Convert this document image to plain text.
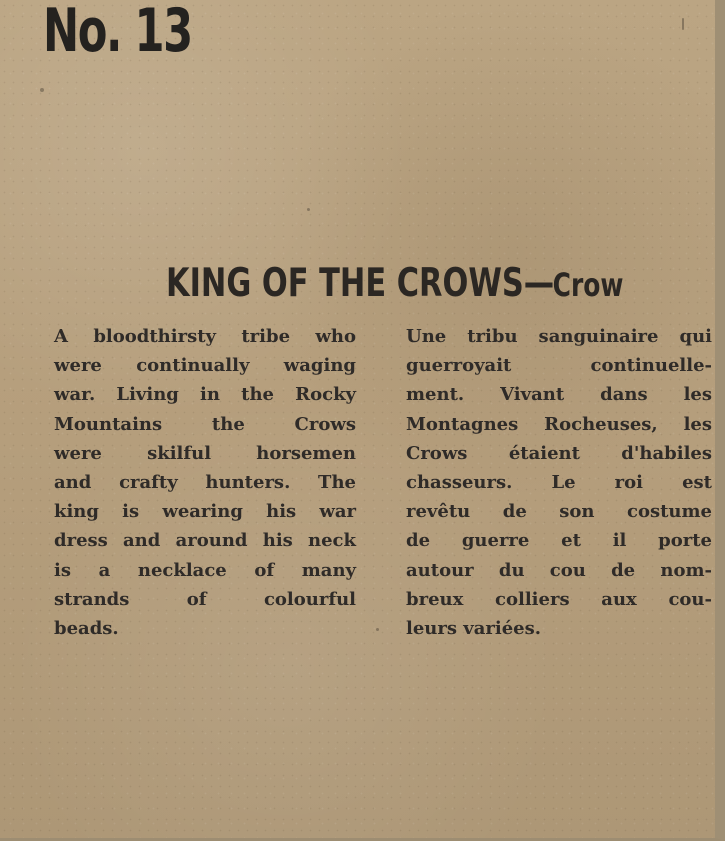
No. 13
KING OF THE CROWS—Crow
A bloodthirsty tribe who
were continually waging
war. Living in the Rocky
Mountains the Crows
were skilful horsemen
and crafty hunters. The
king is wearing his war
dress and around his neck
is a necklace of many
strands of colourful
beads.
Une tribu sanguinaire qui
guerroyait continuelle-
ment. Vivant dans les
Montagnes Rocheuses, les
Crows étaient d'habiles
chasseurs. Le roi est
revêtu de son costume
de guerre et il porte
autour du cou de nom-
breux colliers aux cou-
leurs variées.
